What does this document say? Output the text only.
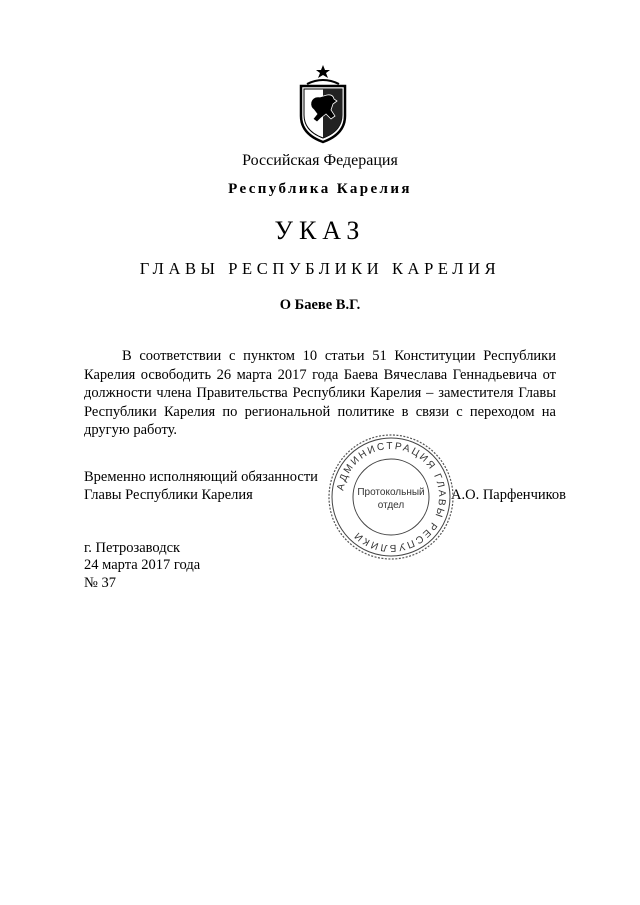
Российская Федерация
Республика Карелия
УКАЗ
ГЛАВЫ РЕСПУБЛИКИ КАРЕЛИЯ
О Баеве В.Г.
В соответствии с пунктом 10 статьи 51 Конституции Республики Карелия освободить 26 марта 2017 года Баева Вячеслава Геннадьевича от должности члена Правительства Республики Карелия – заместителя Главы Республики Карелия по региональной политике в связи с переходом на другую работу.
Временно исполняющий обязанности
Главы Республики Карелия	А.О. Парфенчиков
АДМИНИСТРАЦИЯ ГЛАВЫ РЕСПУБЛИКИ
Протокольный
отдел
г. Петрозаводск
24 марта 2017 года
№ 37
